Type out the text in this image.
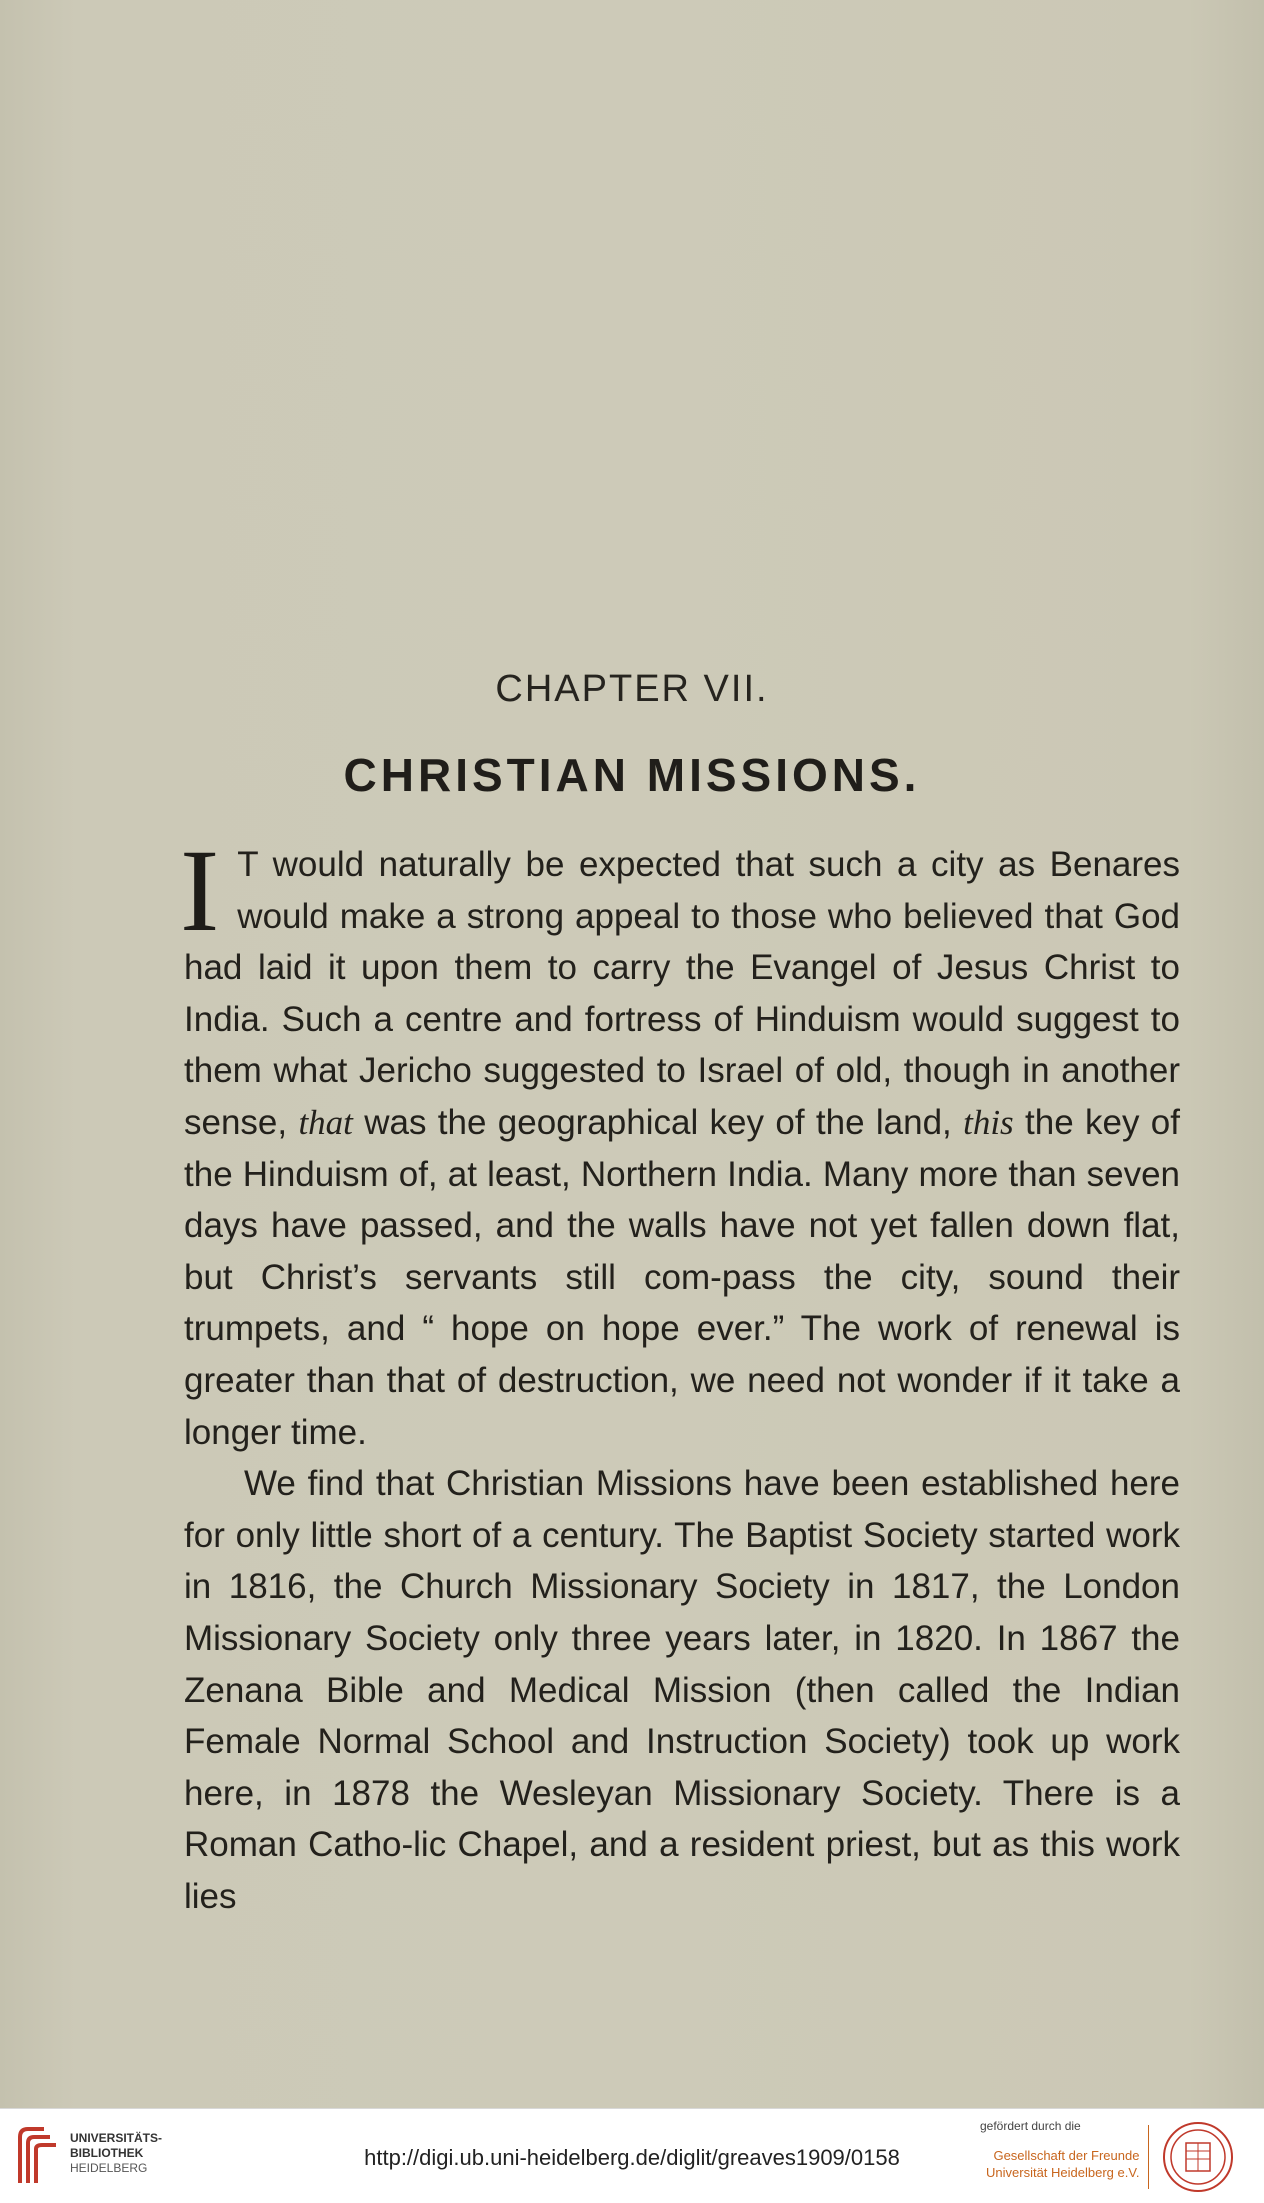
CHAPTER VII.
CHRISTIAN MISSIONS.

I T would naturally be expected that such a city as Benares would make a strong appeal to those who believed that God had laid it upon them to carry the Evangel of Jesus Christ to India. Such a centre and fortress of Hinduism would suggest to them what Jericho suggested to Israel of old, though in another sense, that was the geographical key of the land, this the key of the Hinduism of, at least, Northern India. Many more than seven days have passed, and the walls have not yet fallen down flat, but Christ’s servants still com-pass the city, sound their trumpets, and “ hope on hope ever.” The work of renewal is greater than that of destruction, we need not wonder if it take a longer time.

We find that Christian Missions have been established here for only little short of a century. The Baptist Society started work in 1816, the Church Missionary Society in 1817, the London Missionary Society only three years later, in 1820. In 1867 the Zenana Bible and Medical Mission (then called the Indian Female Normal School and Instruction Society) took up work here, in 1878 the Wesleyan Missionary Society. There is a Roman Catho-lic Chapel, and a resident priest, but as this work lies

UNIVERSITÄTS-
BIBLIOTHEK
HEIDELBERG	http://digi.ub.uni-heidelberg.de/diglit/greaves1909/0158
gefördert durch die
Gesellschaft der Freunde
Universität Heidelberg e.V.
